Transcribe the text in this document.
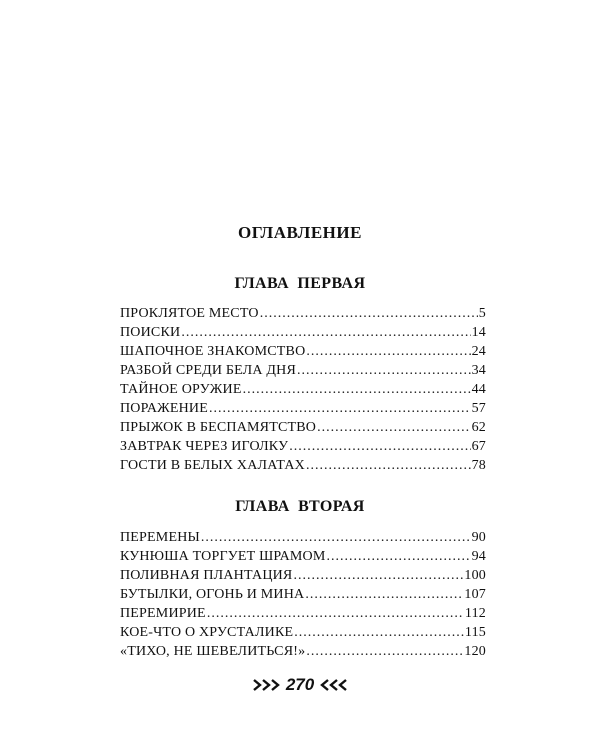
ОГЛАВЛЕНИЕ
ГЛАВА ПЕРВАЯ
ПРОКЛЯТОЕ МЕСТО .....	5
ПОИСКИ .....	14
ШАПОЧНОЕ ЗНАКОМСТВО .....	24
РАЗБОЙ СРЕДИ БЕЛА ДНЯ .....	34
ТАЙНОЕ ОРУЖИЕ .....	44
ПОРАЖЕНИЕ .....	57
ПРЫЖОК В БЕСПАМЯТСТВО .....	62
ЗАВТРАК ЧЕРЕЗ ИГОЛКУ .....	67
ГОСТИ В БЕЛЫХ ХАЛАТАХ .....	78
ГЛАВА ВТОРАЯ
ПЕРЕМЕНЫ .....	90
КУНЮША ТОРГУЕТ ШРАМОМ .....	94
ПОЛИВНАЯ ПЛАНТАЦИЯ .....	100
БУТЫЛКИ, ОГОНЬ И МИНА .....	107
ПЕРЕМИРИЕ .....	112
КОЕ-ЧТО О ХРУСТАЛИКЕ .....	115
«ТИХО, НЕ ШЕВЕЛИТЬСЯ!» .....	120
270
